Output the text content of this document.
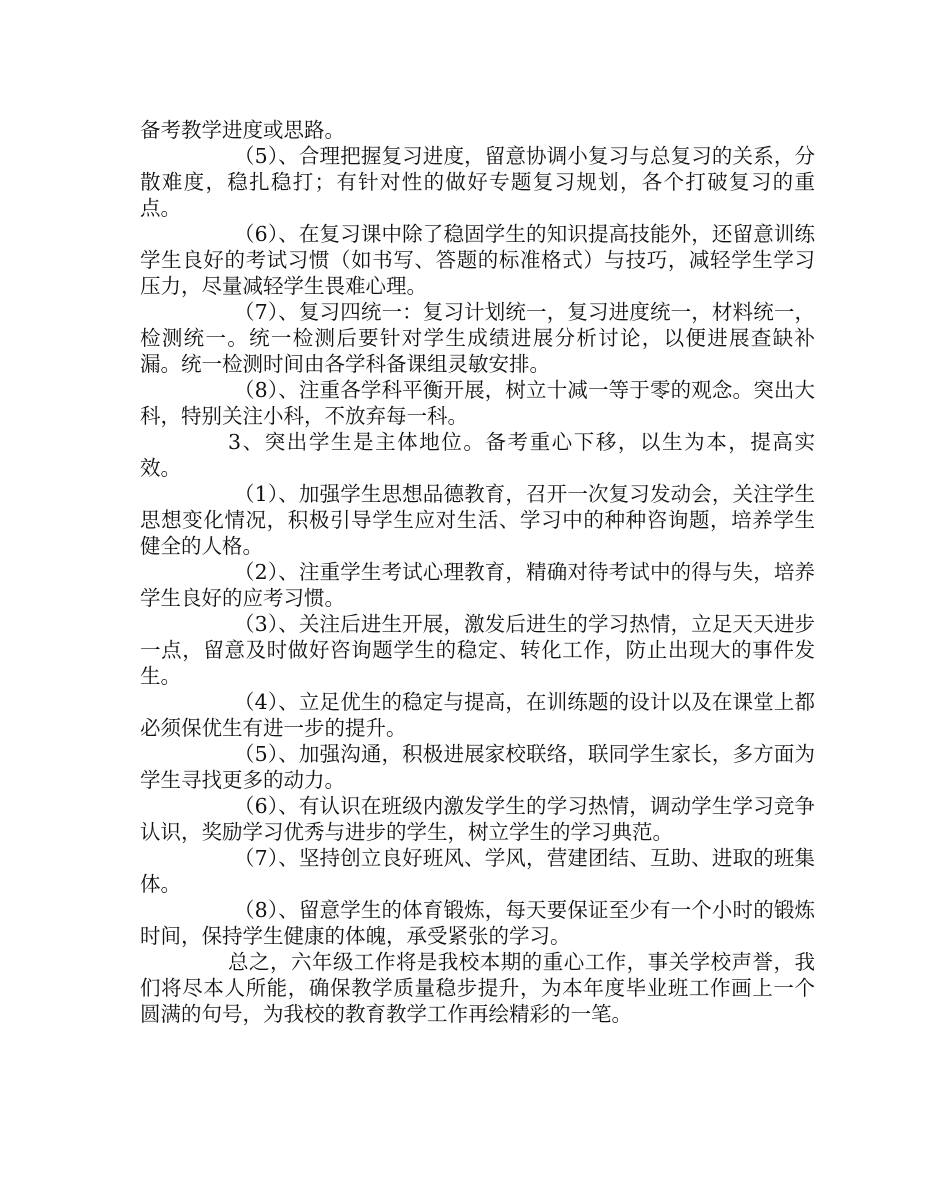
备考教学进度或思路。

（5）、合理把握复习进度，留意协调小复习与总复习的关系，分散难度，稳扎稳打；有针对性的做好专题复习规划，各个打破复习的重点。

（6）、在复习课中除了稳固学生的知识提高技能外，还留意训练学生良好的考试习惯（如书写、答题的标准格式）与技巧，减轻学生学习压力，尽量减轻学生畏难心理。

（7）、复习四统一：复习计划统一，复习进度统一，材料统一，检测统一。统一检测后要针对学生成绩进展分析讨论，以便进展查缺补漏。统一检测时间由各学科备课组灵敏安排。

（8）、注重各学科平衡开展，树立十减一等于零的观念。突出大科，特别关注小科，不放弃每一科。

3、突出学生是主体地位。备考重心下移，以生为本，提高实效。

（1）、加强学生思想品德教育，召开一次复习发动会，关注学生思想变化情况，积极引导学生应对生活、学习中的种种咨询题，培养学生健全的人格。

（2）、注重学生考试心理教育，精确对待考试中的得与失，培养学生良好的应考习惯。

（3）、关注后进生开展，激发后进生的学习热情，立足天天进步一点，留意及时做好咨询题学生的稳定、转化工作，防止出现大的事件发生。

（4）、立足优生的稳定与提高，在训练题的设计以及在课堂上都必须保优生有进一步的提升。

（5）、加强沟通，积极进展家校联络，联同学生家长，多方面为学生寻找更多的动力。

（6）、有认识在班级内激发学生的学习热情，调动学生学习竞争认识，奖励学习优秀与进步的学生，树立学生的学习典范。

（7）、坚持创立良好班风、学风，营建团结、互助、进取的班集体。

（8）、留意学生的体育锻炼，每天要保证至少有一个小时的锻炼时间，保持学生健康的体魄，承受紧张的学习。

总之，六年级工作将是我校本期的重心工作，事关学校声誉，我们将尽本人所能，确保教学质量稳步提升，为本年度毕业班工作画上一个圆满的句号，为我校的教育教学工作再绘精彩的一笔。
